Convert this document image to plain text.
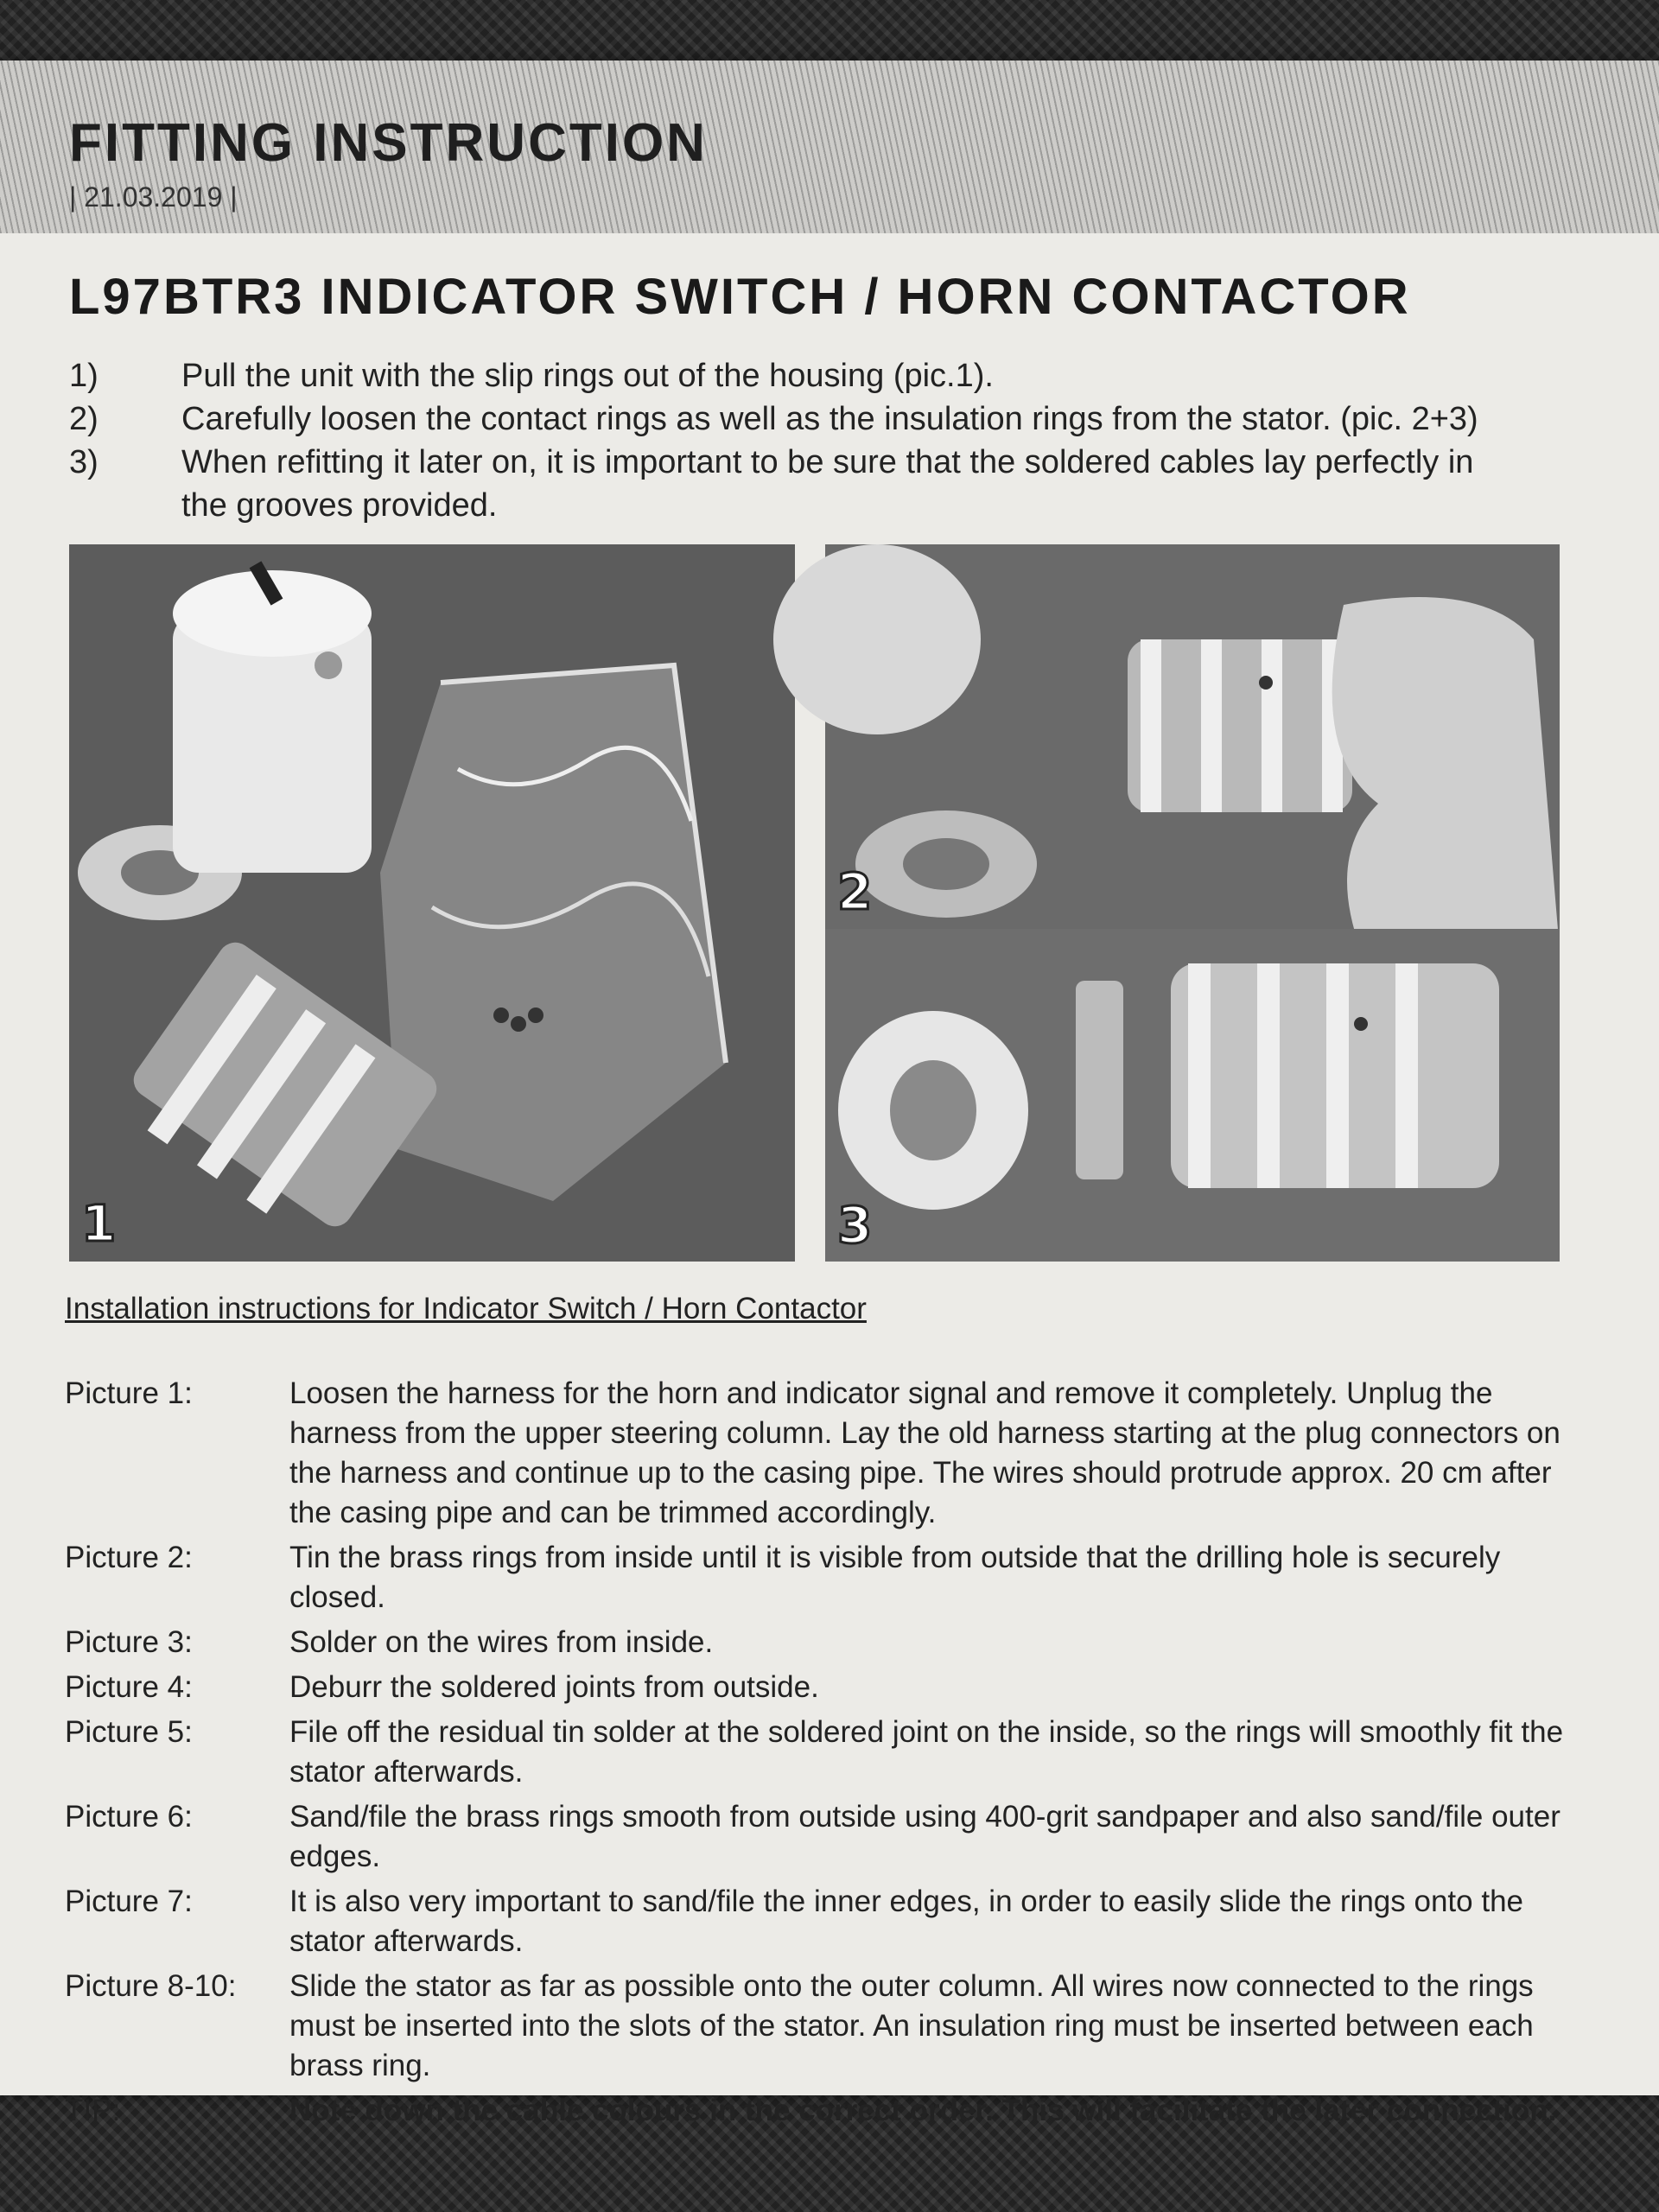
FITTING INSTRUCTION
| 21.03.2019 |
L97BTR3 INDICATOR SWITCH / HORN CONTACTOR
1)	Pull the unit with the slip rings out of the housing (pic.1).
2)	Carefully loosen the contact rings as well as the insulation rings from the stator. (pic. 2+3)
3)	When refitting it later on, it is important to be sure that the soldered cables lay perfectly in the grooves provided.
1
2
3
Installation instructions for Indicator Switch / Horn Contactor
Picture 1:	Loosen the harness for the horn and indicator signal and remove it completely. Unplug the harness from the upper steering column. Lay the old harness starting at the plug connectors on the harness and continue up to the casing pipe. The wires should protrude approx. 20 cm after the casing pipe and can be trimmed accordingly.
Picture 2:	Tin the brass rings from inside until it is visible from outside that the drilling hole is securely closed.
Picture 3:	Solder on the wires from inside.
Picture 4:	Deburr the soldered joints from outside.
Picture 5:	File off the residual tin solder at the soldered joint on the inside, so the rings will smoothly fit the stator afterwards.
Picture 6:	Sand/file the brass rings smooth from outside using 400-grit sandpaper and also sand/file outer edges.
Picture 7:	It is also very important to sand/file the inner edges, in order to easily slide the rings onto the stator afterwards.
Picture 8-10:	Slide the stator as far as possible onto the outer column. All wires now connected to the rings must be inserted into the slots of the stator. An insulation ring must be inserted between each brass ring.
TIP:	Note down the cable colours in the correct order. This will facilitate the later connection.
